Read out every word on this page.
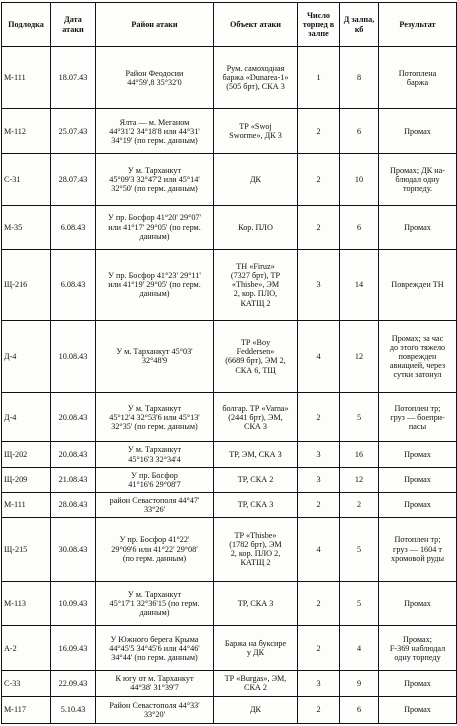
Подлодка	Дата атаки	Район атаки	Объект атаки	Число торпед в залпе	Д залпа, кб	Результат

М-111	18.07.43	Район Феодосии
44°59',8 35°32'0	Рум. самоходная
баржа «Dunarea-1»
(505 брт), СКА 3	1	8	Потоплена
баржа

М-112	25.07.43	Ялта — м. Меганом
44°31'2 34°18'8 или 44°31'
34°19' (по герм. данным)	ТР «Swoj
Sworme», ДК 3	2	6	Промах

С-31	28.07.43	У м. Тарханкут
45°09'3 32°47'2 или 45°14'
32°50' (по герм. данным)	ДК	2	10	Промах; ДК на-
блюдал одну
торпеду.

М-35	6.08.43	У пр. Босфор 41°20' 29°07'
или 41°17' 29°05' (по герм.
данным)	Кор. ПЛО	2	6	Промах

Щ-216	6.08.43	У пр. Босфор 41°23' 29°11'
или 41°19' 29°05' (по герм.
данным)	ТН «Firuz»
(7327 брт), ТР
«Thisbe», ЭМ
2, кор. ПЛО,
КАТЩ 2	3	14	Поврежден ТН

Д-4	10.08.43	У м. Тарханкут 45°03'
32°48'9	ТР «Boy
Feddersen»
(6689 брт), ЭМ 2,
СКА 6, ТЩ	4	12	Промах; за час
до этого тяжело
поврежден
авиацией, через
сутки затонул

Д-4	20.08.43	У м. Тарханкут
45°12'4 32°53'6 или 45°13'
32°35' (по герм. данным)	болгар. ТР «Varna»
(2441 брт), ЭМ,
СКА 3	2	5	Потоплен тр;
груз — боепри-
пасы

Щ-202	20.08.43	У м. Тарханкут
45°16'3 32°34'4	ТР, ЭМ, СКА 3	3	16	Промах

Щ-209	21.08.43	У пр. Босфор
41°16'6 29°08'7	ТР, СКА 2	3	12	Промах

М-111	28.08.43	район Севастополя 44°47'
33°26'	ТР, СКА 3	2	2	Промах

Щ-215	30.08.43	У пр. Босфор 41°22'
29°09'6 или 41°22' 29°08'
(по герм. данным)	ТР «Thisbe»
(1782 брт), ЭМ
2, кор. ПЛО 2,
КАТЩ 2	4	5	Потоплен тр;
груз — 1604 т
хромовой руды

М-113	10.09.43	У м. Тарханкут
45°17'1 32°36'15 (по герм.
данным)	ТР, СКА 3	2	5	Промах

А-2	16.09.43	У Южного берега Крыма
44°45'5 34°45'6 или 44°46'
34°44' (по герм. данным)	Баржа на буксире
у ДК	2	4	Промах;
F-369 наблюдал
одну торпеду

С-33	22.09.43	К югу от м. Тарханкут
44°38' 31°39'7	ТР «Burgas», ЭМ,
СКА 2	3	9	Промах

М-117	5.10.43	Район Севастополя 44°33'
33°20'	ДК	2	6	Промах
